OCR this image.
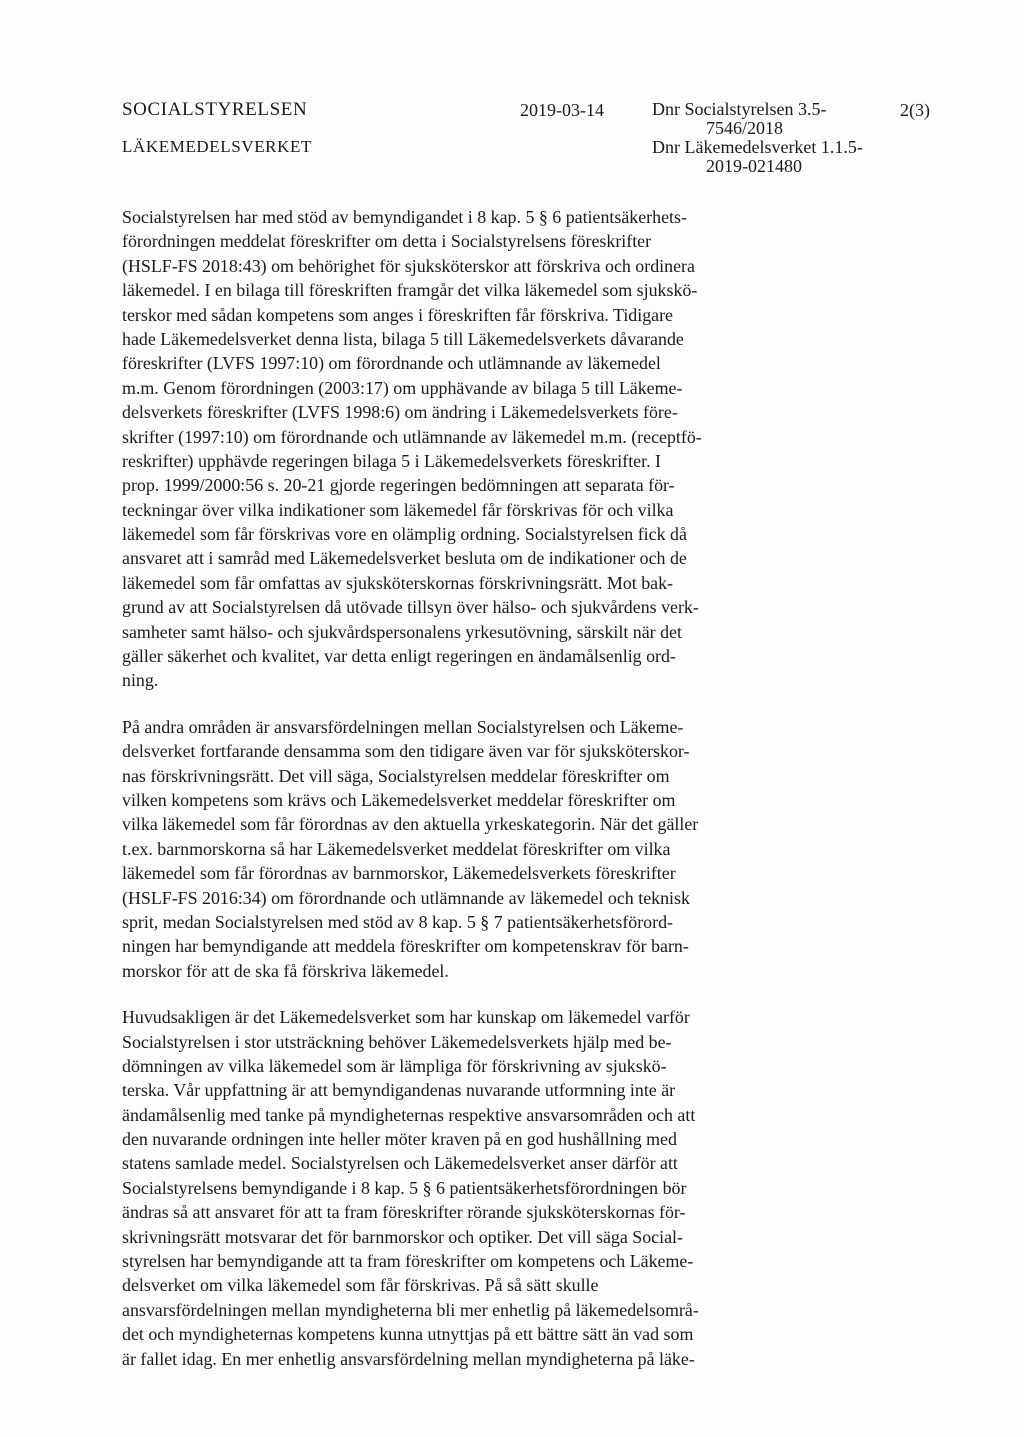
SOCIALSTYRELSEN
LÄKEMEDELSVERKET
2019-03-14	Dnr Socialstyrelsen 3.5-
7546/2018
Dnr Läkemedelsverket 1.1.5-
2019-021480
2(3)
Socialstyrelsen har med stöd av bemyndigandet i 8 kap. 5 § 6 patientsäkerhets-
förordningen meddelat föreskrifter om detta i Socialstyrelsens föreskrifter
(HSLF-FS 2018:43) om behörighet för sjuksköterskor att förskriva och ordinera
läkemedel. I en bilaga till föreskriften framgår det vilka läkemedel som sjukskö-
terskor med sådan kompetens som anges i föreskriften får förskriva. Tidigare
hade Läkemedelsverket denna lista, bilaga 5 till Läkemedelsverkets dåvarande
föreskrifter (LVFS 1997:10) om förordnande och utlämnande av läkemedel
m.m. Genom förordningen (2003:17) om upphävande av bilaga 5 till Läkeme-
delsverkets föreskrifter (LVFS 1998:6) om ändring i Läkemedelsverkets före-
skrifter (1997:10) om förordnande och utlämnande av läkemedel m.m. (receptfö-
reskrifter) upphävde regeringen bilaga 5 i Läkemedelsverkets föreskrifter. I
prop. 1999/2000:56 s. 20-21 gjorde regeringen bedömningen att separata för-
teckningar över vilka indikationer som läkemedel får förskrivas för och vilka
läkemedel som får förskrivas vore en olämplig ordning. Socialstyrelsen fick då
ansvaret att i samråd med Läkemedelsverket besluta om de indikationer och de
läkemedel som får omfattas av sjuksköterskornas förskrivningsrätt. Mot bak-
grund av att Socialstyrelsen då utövade tillsyn över hälso- och sjukvårdens verk-
samheter samt hälso- och sjukvårdspersonalens yrkesutövning, särskilt när det
gäller säkerhet och kvalitet, var detta enligt regeringen en ändamålsenlig ord-
ning.
På andra områden är ansvarsfördelningen mellan Socialstyrelsen och Läkeme-
delsverket fortfarande densamma som den tidigare även var för sjuksköterskor-
nas förskrivningsrätt. Det vill säga, Socialstyrelsen meddelar föreskrifter om
vilken kompetens som krävs och Läkemedelsverket meddelar föreskrifter om
vilka läkemedel som får förordnas av den aktuella yrkeskategorin. När det gäller
t.ex. barnmorskorna så har Läkemedelsverket meddelat föreskrifter om vilka
läkemedel som får förordnas av barnmorskor, Läkemedelsverkets föreskrifter
(HSLF-FS 2016:34) om förordnande och utlämnande av läkemedel och teknisk
sprit, medan Socialstyrelsen med stöd av 8 kap. 5 § 7 patientsäkerhetsförord-
ningen har bemyndigande att meddela föreskrifter om kompetenskrav för barn-
morskor för att de ska få förskriva läkemedel.
Huvudsakligen är det Läkemedelsverket som har kunskap om läkemedel varför
Socialstyrelsen i stor utsträckning behöver Läkemedelsverkets hjälp med be-
dömningen av vilka läkemedel som är lämpliga för förskrivning av sjukskö-
terska. Vår uppfattning är att bemyndigandenas nuvarande utformning inte är
ändamålsenlig med tanke på myndigheternas respektive ansvarsområden och att
den nuvarande ordningen inte heller möter kraven på en god hushållning med
statens samlade medel. Socialstyrelsen och Läkemedelsverket anser därför att
Socialstyrelsens bemyndigande i 8 kap. 5 § 6 patientsäkerhetsförordningen bör
ändras så att ansvaret för att ta fram föreskrifter rörande sjuksköterskornas för-
skrivningsrätt motsvarar det för barnmorskor och optiker. Det vill säga Social-
styrelsen har bemyndigande att ta fram föreskrifter om kompetens och Läkeme-
delsverket om vilka läkemedel som får förskrivas. På så sätt skulle
ansvarsfördelningen mellan myndigheterna bli mer enhetlig på läkemedelsområ-
det och myndigheternas kompetens kunna utnyttjas på ett bättre sätt än vad som
är fallet idag. En mer enhetlig ansvarsfördelning mellan myndigheterna på läke-
